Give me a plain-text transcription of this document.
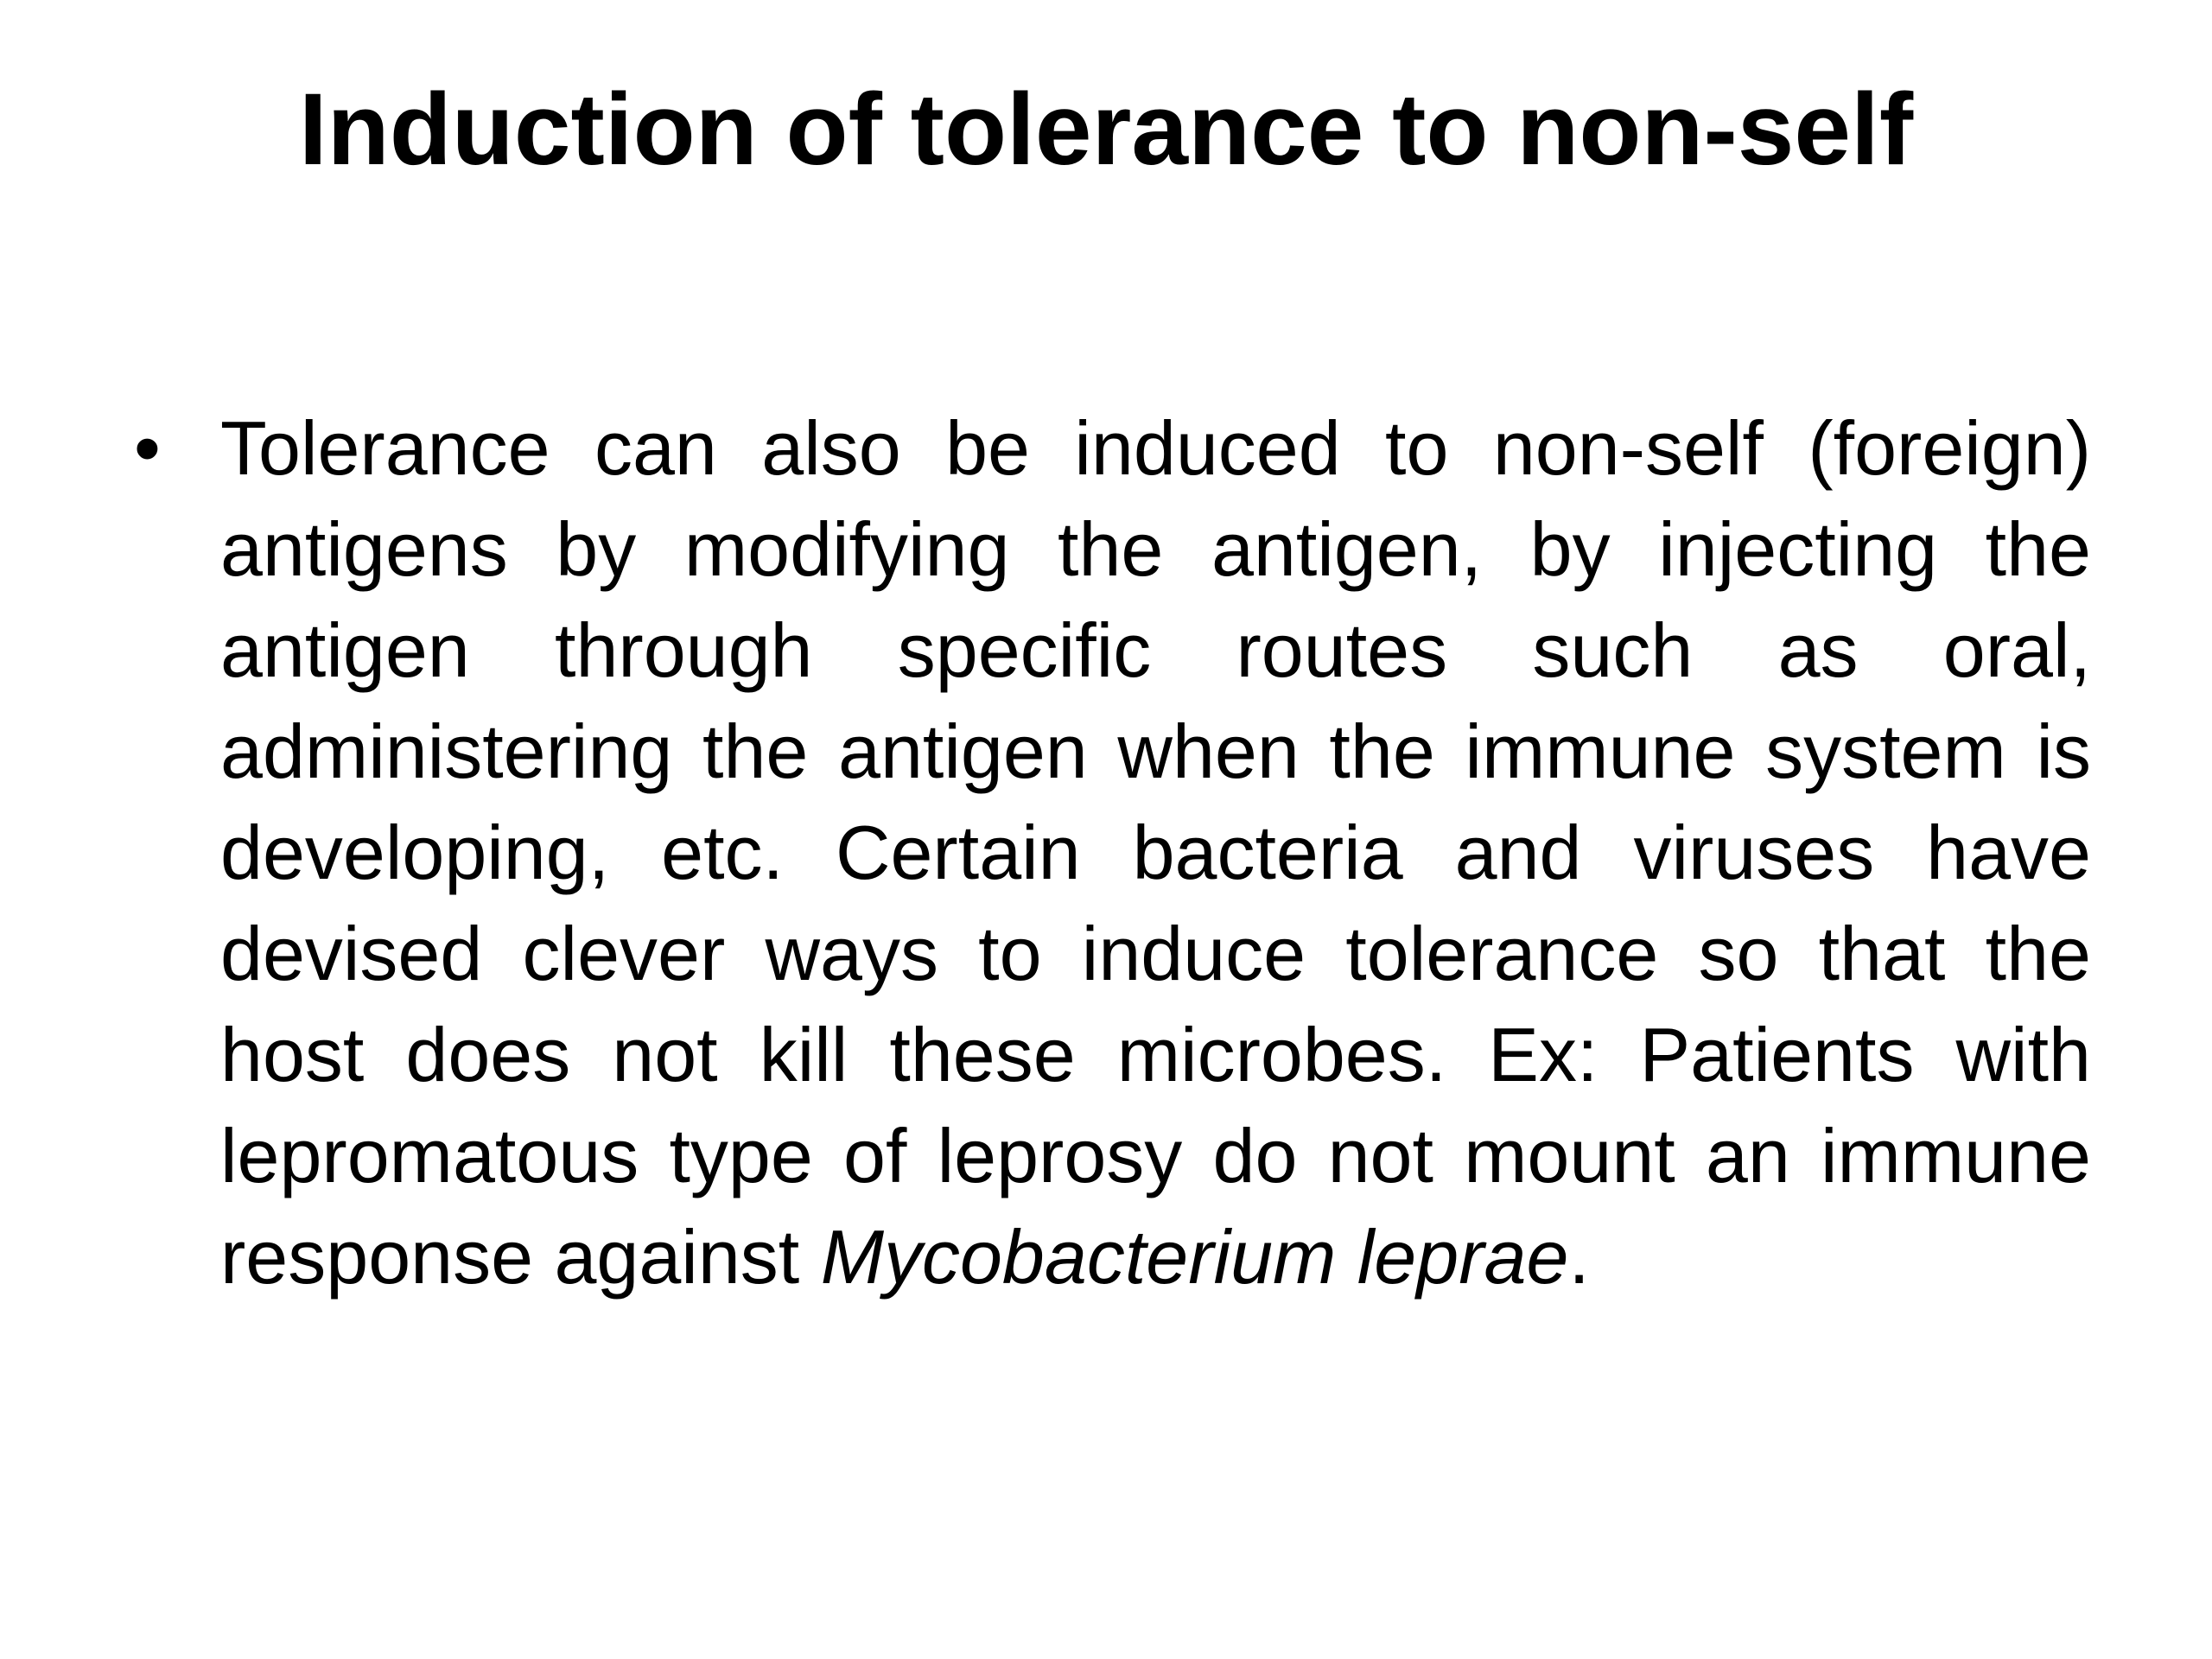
Induction of tolerance to non-self
• Tolerance can also be induced to non-self (foreign) antigens by modifying the antigen, by injecting the antigen through specific routes such as oral, administering the antigen when the immune system is developing, etc. Certain bacteria and viruses have devised clever ways to induce tolerance so that the host does not kill these microbes. Ex: Patients with lepromatous type of leprosy do not mount an immune response against Mycobacterium leprae.
